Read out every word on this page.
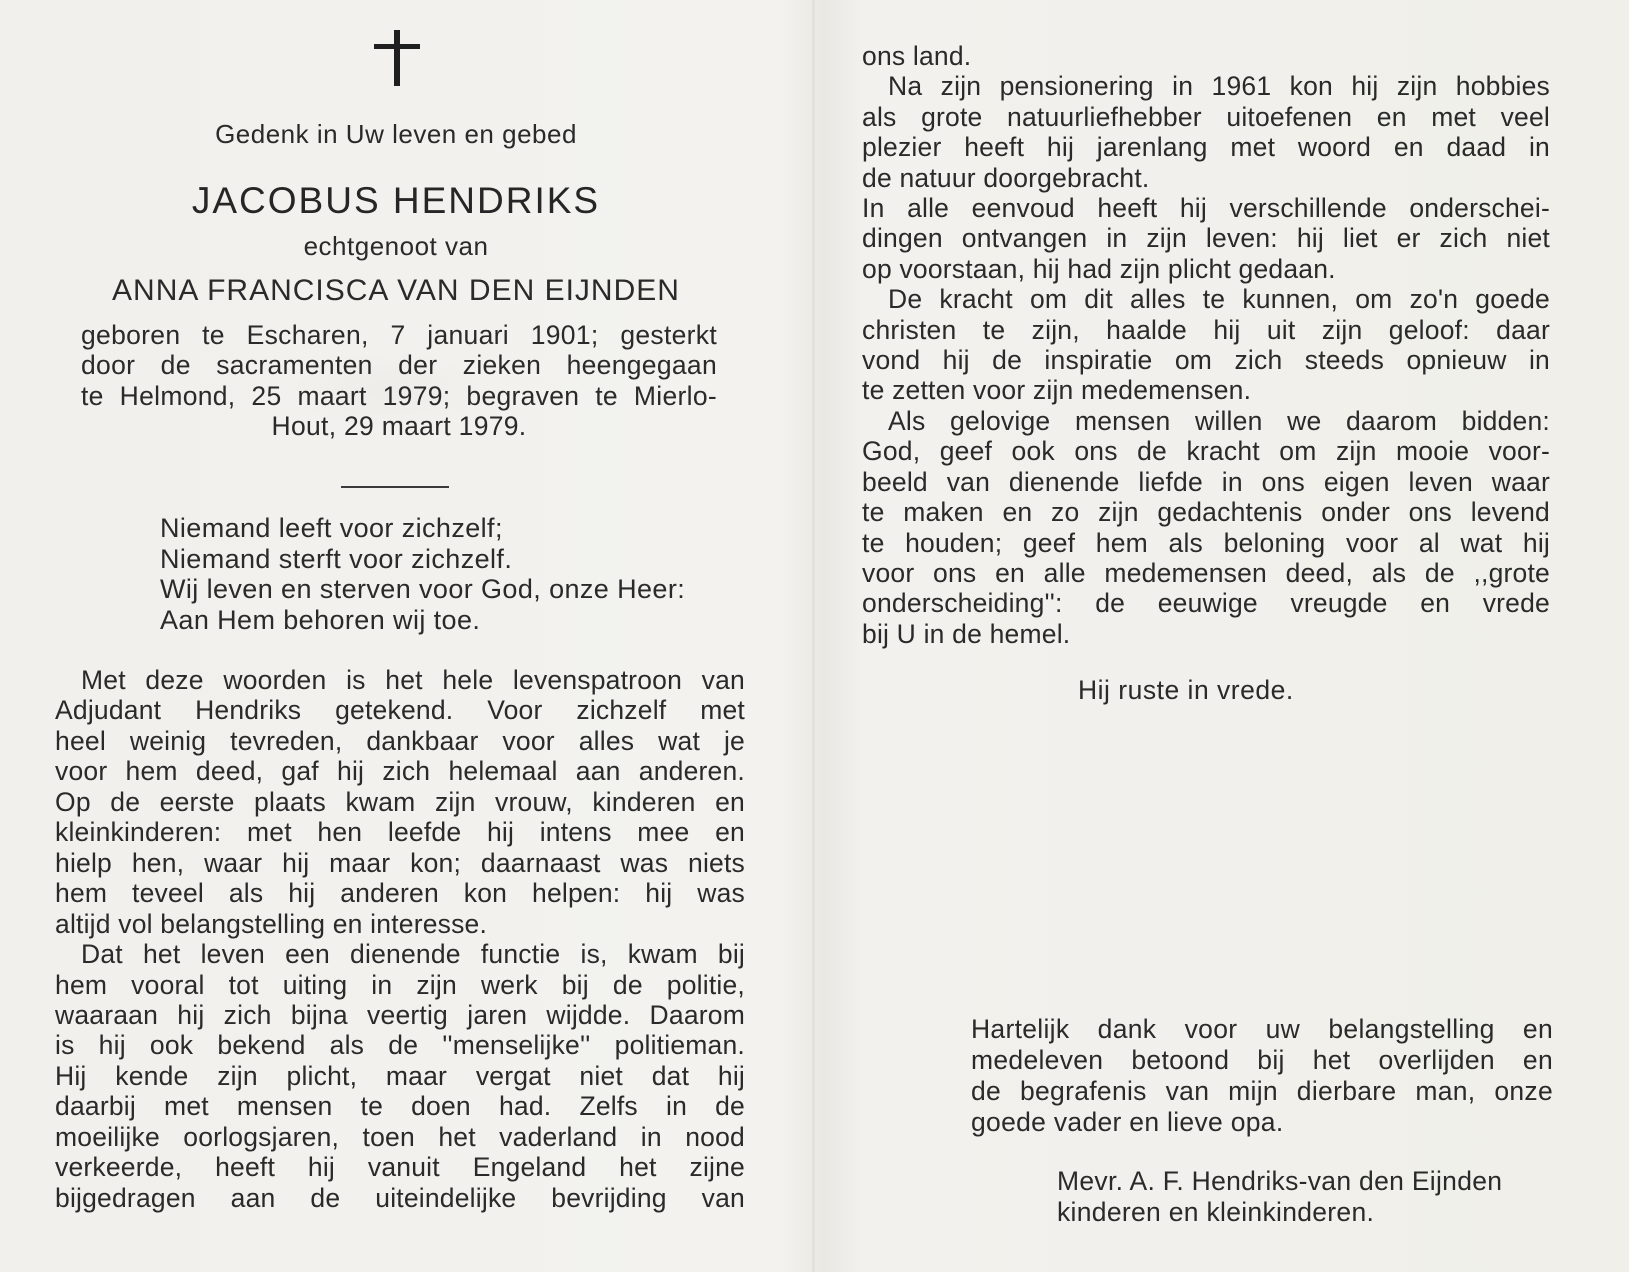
Gedenk in Uw leven en gebed
JACOBUS HENDRIKS
echtgenoot van
ANNA FRANCISCA VAN DEN EIJNDEN
geboren te Escharen, 7 januari 1901; gesterkt
door de sacramenten der zieken heengegaan
te Helmond, 25 maart 1979; begraven te Mierlo-
Hout, 29 maart 1979.
Niemand leeft voor zichzelf;
Niemand sterft voor zichzelf.
Wij leven en sterven voor God, onze Heer:
Aan Hem behoren wij toe.
Met deze woorden is het hele levenspatroon van
Adjudant Hendriks getekend. Voor zichzelf met
heel weinig tevreden, dankbaar voor alles wat je
voor hem deed, gaf hij zich helemaal aan anderen.
Op de eerste plaats kwam zijn vrouw, kinderen en
kleinkinderen: met hen leefde hij intens mee en
hielp hen, waar hij maar kon; daarnaast was niets
hem teveel als hij anderen kon helpen: hij was
altijd vol belangstelling en interesse.
Dat het leven een dienende functie is, kwam bij
hem vooral tot uiting in zijn werk bij de politie,
waaraan hij zich bijna veertig jaren wijdde. Daarom
is hij ook bekend als de ''menselijke'' politieman.
Hij kende zijn plicht, maar vergat niet dat hij
daarbij met mensen te doen had. Zelfs in de
moeilijke oorlogsjaren, toen het vaderland in nood
verkeerde, heeft hij vanuit Engeland het zijne
bijgedragen aan de uiteindelijke bevrijding van
ons land.
Na zijn pensionering in 1961 kon hij zijn hobbies
als grote natuurliefhebber uitoefenen en met veel
plezier heeft hij jarenlang met woord en daad in
de natuur doorgebracht.
In alle eenvoud heeft hij verschillende onderschei-
dingen ontvangen in zijn leven: hij liet er zich niet
op voorstaan, hij had zijn plicht gedaan.
De kracht om dit alles te kunnen, om zo'n goede
christen te zijn, haalde hij uit zijn geloof: daar
vond hij de inspiratie om zich steeds opnieuw in
te zetten voor zijn medemensen.
Als gelovige mensen willen we daarom bidden:
God, geef ook ons de kracht om zijn mooie voor-
beeld van dienende liefde in ons eigen leven waar
te maken en zo zijn gedachtenis onder ons levend
te houden; geef hem als beloning voor al wat hij
voor ons en alle medemensen deed, als de ,,grote
onderscheiding'': de eeuwige vreugde en vrede
bij U in de hemel.
Hij ruste in vrede.
Hartelijk dank voor uw belangstelling en
medeleven betoond bij het overlijden en
de begrafenis van mijn dierbare man, onze
goede vader en lieve opa.
Mevr. A. F. Hendriks-van den Eijnden
kinderen en kleinkinderen.
